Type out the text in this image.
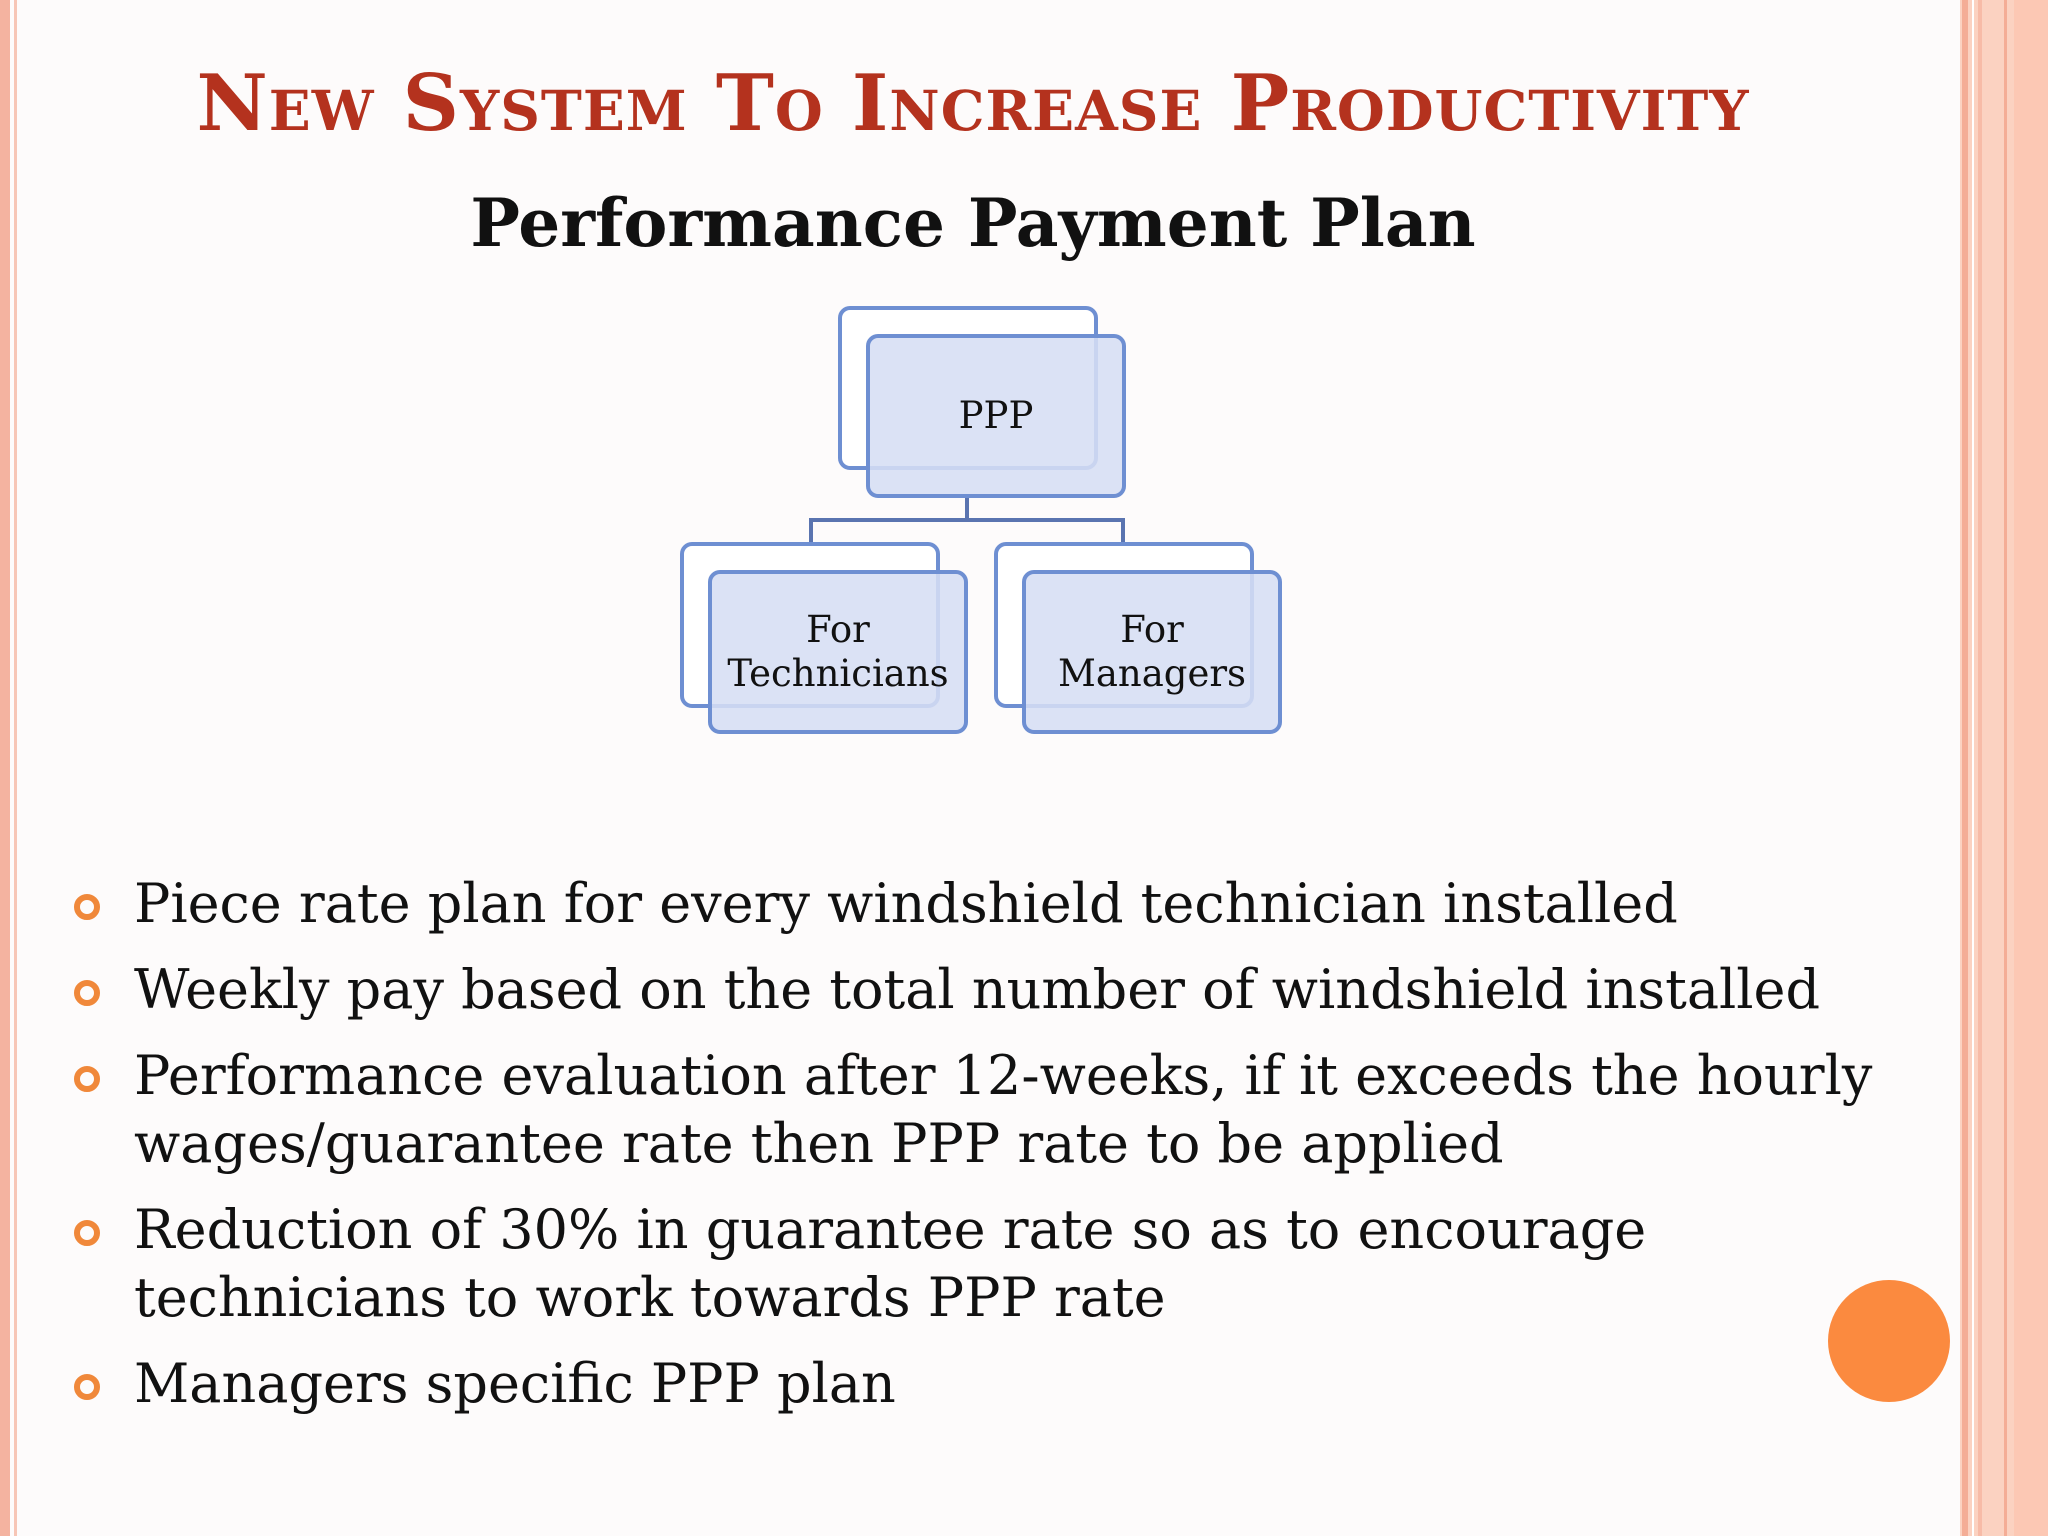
New System To Increase Productivity
Performance Payment Plan
PPP
For
Technicians
For
Managers
Piece rate plan for every windshield technician installed
Weekly pay based on the total number of windshield installed
Performance evaluation after 12-weeks, if it exceeds the hourly wages/guarantee rate then PPP rate to be applied
Reduction of 30% in guarantee rate so as to encourage technicians to work towards PPP rate
Managers specific PPP plan
